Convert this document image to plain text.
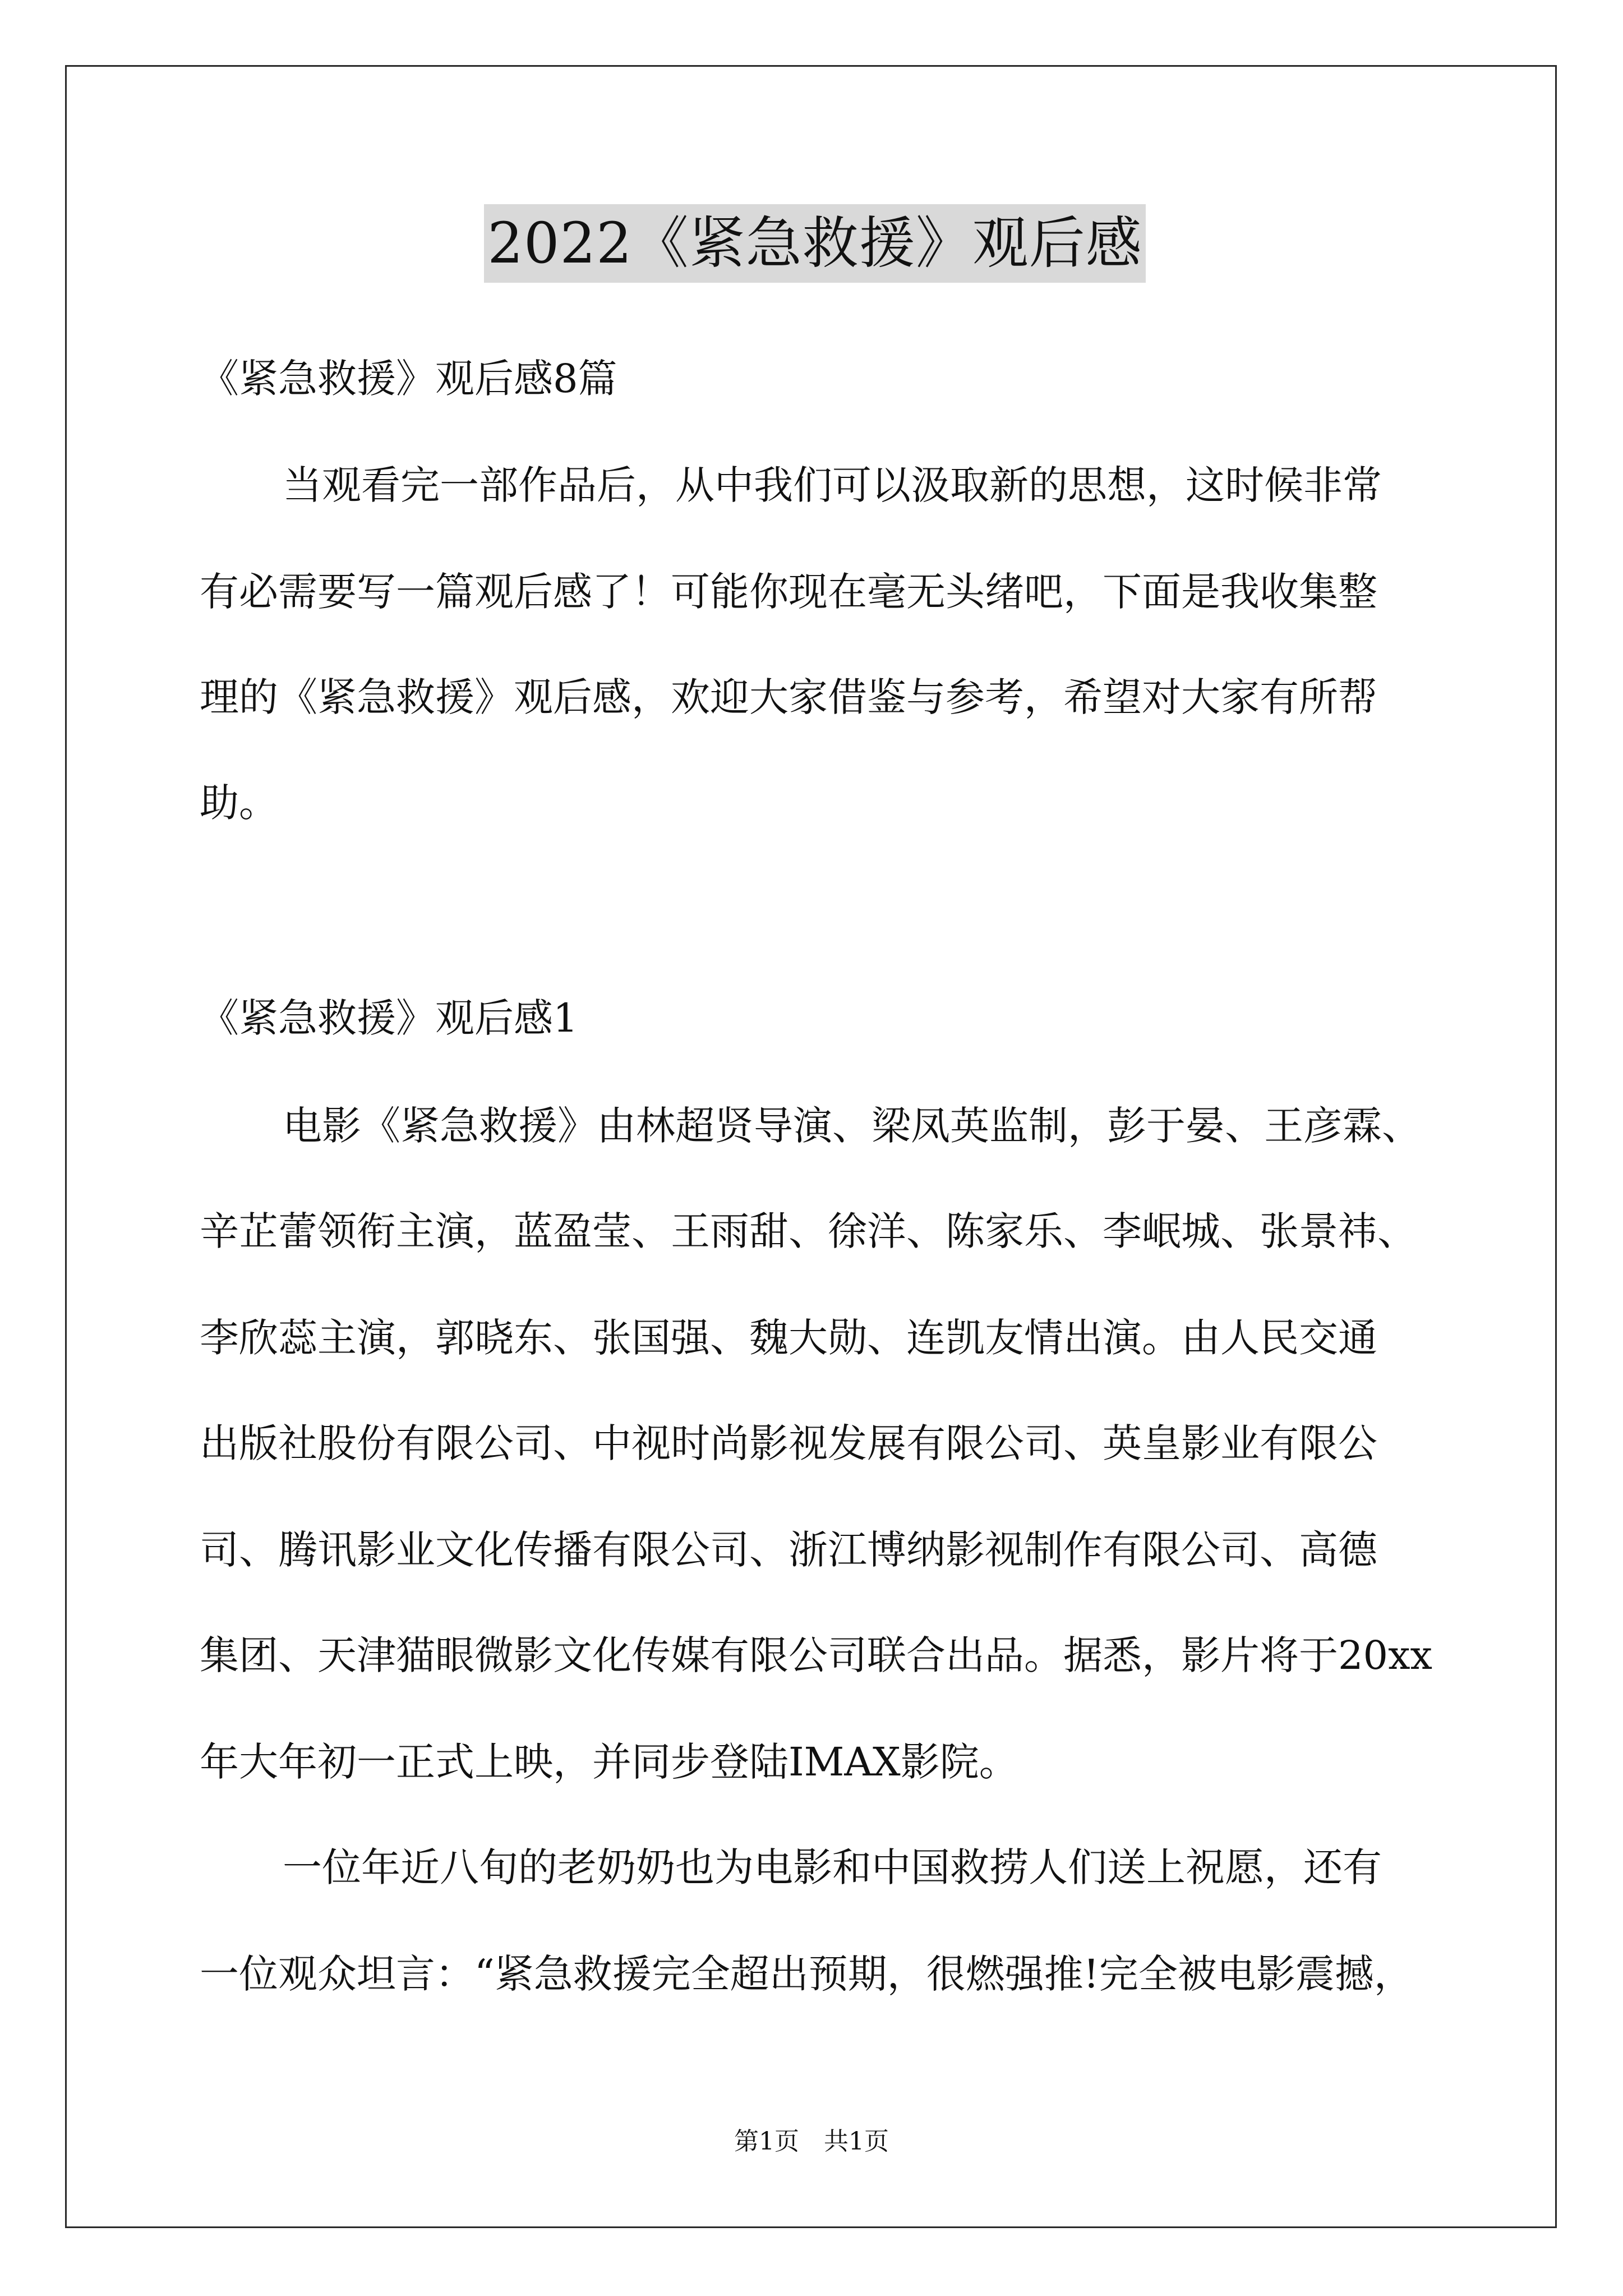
2022《紧急救援》观后感
《紧急救援》观后感8篇
当观看完一部作品后，从中我们可以汲取新的思想，这时候非常
有必需要写一篇观后感了！可能你现在毫无头绪吧，下面是我收集整
理的《紧急救援》观后感，欢迎大家借鉴与参考，希望对大家有所帮
助。
《紧急救援》观后感1
电影《紧急救援》由林超贤导演、梁凤英监制，彭于晏、王彦霖、
辛芷蕾领衔主演，蓝盈莹、王雨甜、徐洋、陈家乐、李岷城、张景祎、
李欣蕊主演，郭晓东、张国强、魏大勋、连凯友情出演。由人民交通
出版社股份有限公司、中视时尚影视发展有限公司、英皇影业有限公
司、腾讯影业文化传播有限公司、浙江博纳影视制作有限公司、高德
集团、天津猫眼微影文化传媒有限公司联合出品。据悉，影片将于20xx
年大年初一正式上映，并同步登陆IMAX影院。
一位年近八旬的老奶奶也为电影和中国救捞人们送上祝愿，还有
一位观众坦言：“紧急救援完全超出预期，很燃强推!完全被电影震撼，
第1页　共1页
